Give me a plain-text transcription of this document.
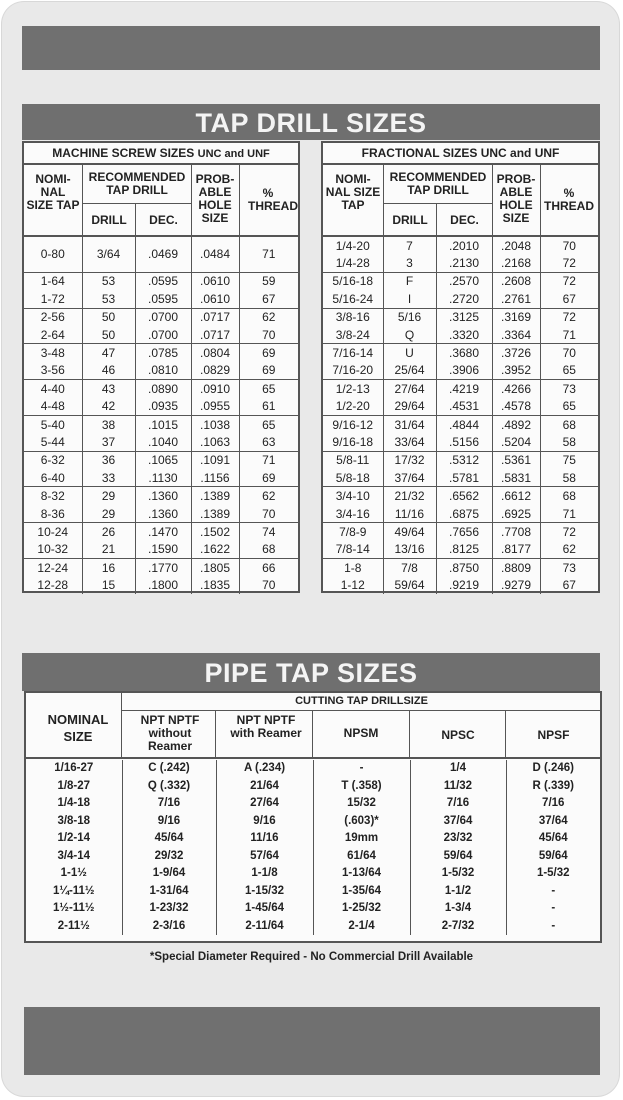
TAP DRILL SIZES
MACHINE SCREW SIZES UNC and UNF
NOMI- NAL SIZE TAP
RECOMMENDED TAP DRILL
DRILL	DEC.
PROB- ABLE HOLE SIZE
% THREAD
0-80	3/64	.0469	.0484	71
1-64	53	.0595	.0610	59
1-72	53	.0595	.0610	67
2-56	50	.0700	.0717	62
2-64	50	.0700	.0717	70
3-48	47	.0785	.0804	69
3-56	46	.0810	.0829	69
4-40	43	.0890	.0910	65
4-48	42	.0935	.0955	61
5-40	38	.1015	.1038	65
5-44	37	.1040	.1063	63
6-32	36	.1065	.1091	71
6-40	33	.1130	.1156	69
8-32	29	.1360	.1389	62
8-36	29	.1360	.1389	70
10-24	26	.1470	.1502	74
10-32	21	.1590	.1622	68
12-24	16	.1770	.1805	66
12-28	15	.1800	.1835	70
FRACTIONAL SIZES UNC and UNF
NOMI- NAL SIZE TAP
RECOMMENDED TAP DRILL
DRILL	DEC.
PROB- ABLE HOLE SIZE
% THREAD
1/4-20	7	.2010	.2048	70
1/4-28	3	.2130	.2168	72
5/16-18	F	.2570	.2608	72
5/16-24	I	.2720	.2761	67
3/8-16	5/16	.3125	.3169	72
3/8-24	Q	.3320	.3364	71
7/16-14	U	.3680	.3726	70
7/16-20	25/64	.3906	.3952	65
1/2-13	27/64	.4219	.4266	73
1/2-20	29/64	.4531	.4578	65
9/16-12	31/64	.4844	.4892	68
9/16-18	33/64	.5156	.5204	58
5/8-11	17/32	.5312	.5361	75
5/8-18	37/64	.5781	.5831	58
3/4-10	21/32	.6562	.6612	68
3/4-16	11/16	.6875	.6925	71
7/8-9	49/64	.7656	.7708	72
7/8-14	13/16	.8125	.8177	62
1-8	7/8	.8750	.8809	73
1-12	59/64	.9219	.9279	67
PIPE TAP SIZES
NOMINAL SIZE
CUTTING TAP DRILLSIZE
NPT NPTF without Reamer
NPT NPTF with Reamer	NPSM	NPSC	NPSF
1/16-27	C (.242)	A (.234)	-	1/4	D (.246)
1/8-27	Q (.332)	21/64	T (.358)	11/32	R (.339)
1/4-18	7/16	27/64	15/32	7/16	7/16
3/8-18	9/16	9/16	(.603)*	37/64	37/64
1/2-14	45/64	11/16	19mm	23/32	45/64
3/4-14	29/32	57/64	61/64	59/64	59/64
1-1½	1-9/64	1-1/8	1-13/64	1-5/32	1-5/32
1¼-11½	1-31/64	1-15/32	1-35/64	1-1/2	-
1½-11½	1-23/32	1-45/64	1-25/32	1-3/4	-
2-11½	2-3/16	2-11/64	2-1/4	2-7/32	-
*Special Diameter Required - No Commercial Drill Available
